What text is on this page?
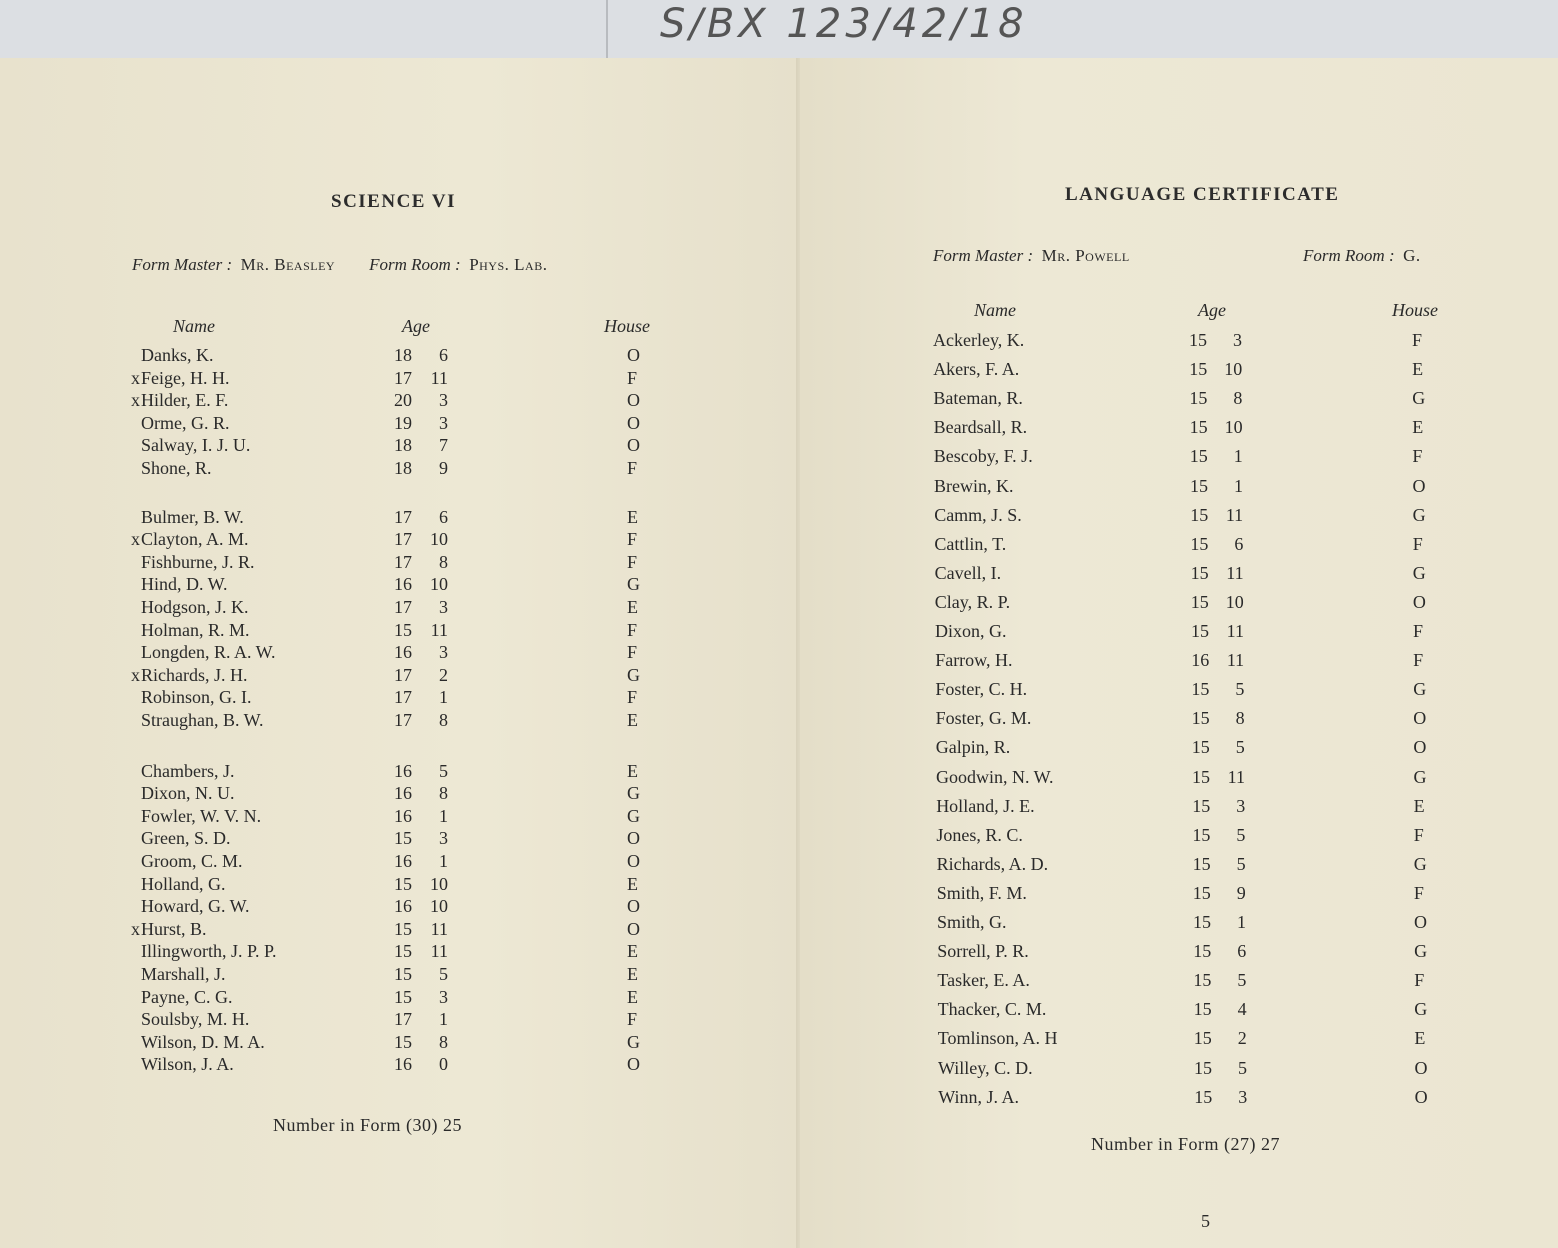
S/BX 123/42/18
SCIENCE VI
Form Master : Mr. Beasley Form Room : Phys. Lab.
Name	Age	House
Danks, K.	18	6	O
x Feige, H. H.	17	11	F
x Hilder, E. F.	20	3	O
Orme, G. R.	19	3	O
Salway, I. J. U.	18	7	O
Shone, R.	18	9	F
Bulmer, B. W.	17	6	E
x Clayton, A. M.	17	10	F
Fishburne, J. R.	17	8	F
Hind, D. W.	16	10	G
Hodgson, J. K.	17	3	E
Holman, R. M.	15	11	F
Longden, R. A. W.	16	3	F
x Richards, J. H.	17	2	G
Robinson, G. I.	17	1	F
Straughan, B. W.	17	8	E
Chambers, J.	16	5	E
Dixon, N. U.	16	8	G
Fowler, W. V. N.	16	1	G
Green, S. D.	15	3	O
Groom, C. M.	16	1	O
Holland, G.	15	10	E
Howard, G. W.	16	10	O
x Hurst, B.	15	11	O
Illingworth, J. P. P.	15	11	E
Marshall, J.	15	5	E
Payne, C. G.	15	3	E
Soulsby, M. H.	17	1	F
Wilson, D. M. A.	15	8	G
Wilson, J. A.	16	0	O
Number in Form (30) 25
LANGUAGE CERTIFICATE
Form Master : Mr. Powell	Form Room : G.
Name	Age	House
Ackerley, K.	15	3	F
Akers, F. A.	15 10	E
Bateman, R.	15	8	G
Beardsall, R.	15 10	E
Bescoby, F. J.	15	1	F
Brewin, K.	15	1	O
Camm, J. S.	15 11	G
Cattlin, T.	15	6	F
Cavell, I.	15 11	G
Clay, R. P.	15 10	O
Dixon, G.	15 11	F
Farrow, H.	16 11	F
Foster, C. H.	15	5	G
Foster, G. M.	15	8	O
Galpin, R.	15	5	O
Goodwin, N. W.	15 11	G
Holland, J. E.	15	3	E
Jones, R. C.	15	5	F
Richards, A. D.	15	5	G
Smith, F. M.	15	9	F
Smith, G.	15	1	O
Sorrell, P. R.	15	6	G
Tasker, E. A.	15	5	F
Thacker, C. M.	15	4	G
Tomlinson, A. H	15	2	E
Willey, C. D.	15	5	O
Winn, J. A.	15	3	O
Number in Form (27) 27
5
